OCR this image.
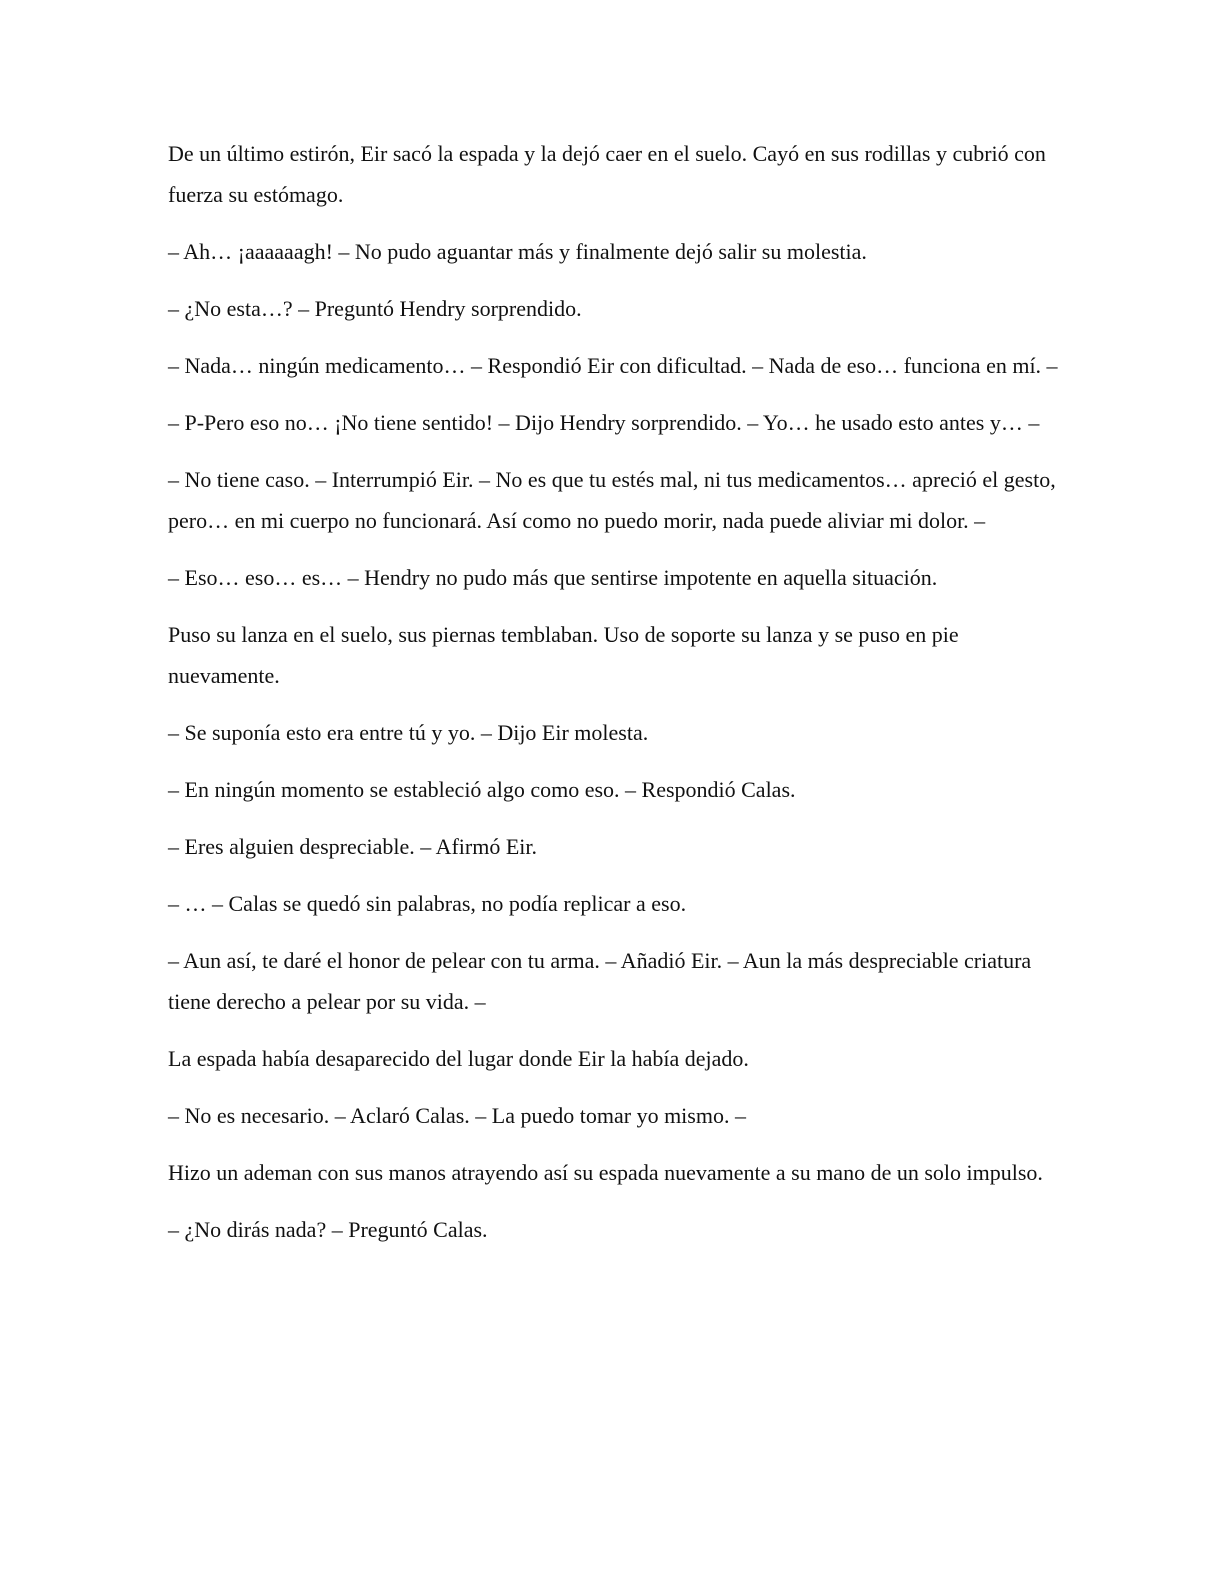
De un último estirón, Eir sacó la espada y la dejó caer en el suelo. Cayó en sus rodillas y cubrió con fuerza su estómago.

– Ah… ¡aaaaaagh! – No pudo aguantar más y finalmente dejó salir su molestia.

– ¿No esta…? – Preguntó Hendry sorprendido.

– Nada… ningún medicamento… – Respondió Eir con dificultad. – Nada de eso… funciona en mí. –

– P-Pero eso no… ¡No tiene sentido! – Dijo Hendry sorprendido. – Yo… he usado esto antes y… –

– No tiene caso. – Interrumpió Eir. – No es que tu estés mal, ni tus medicamentos… apreció el gesto, pero… en mi cuerpo no funcionará. Así como no puedo morir, nada puede aliviar mi dolor. –

– Eso… eso… es… – Hendry no pudo más que sentirse impotente en aquella situación.

Puso su lanza en el suelo, sus piernas temblaban. Uso de soporte su lanza y se puso en pie nuevamente.

– Se suponía esto era entre tú y yo. – Dijo Eir molesta.

– En ningún momento se estableció algo como eso. – Respondió Calas.

– Eres alguien despreciable. – Afirmó Eir.

– … – Calas se quedó sin palabras, no podía replicar a eso.

– Aun así, te daré el honor de pelear con tu arma. – Añadió Eir. – Aun la más despreciable criatura tiene derecho a pelear por su vida. –

La espada había desaparecido del lugar donde Eir la había dejado.

– No es necesario. – Aclaró Calas. – La puedo tomar yo mismo. –

Hizo un ademan con sus manos atrayendo así su espada nuevamente a su mano de un solo impulso.

– ¿No dirás nada? – Preguntó Calas.
